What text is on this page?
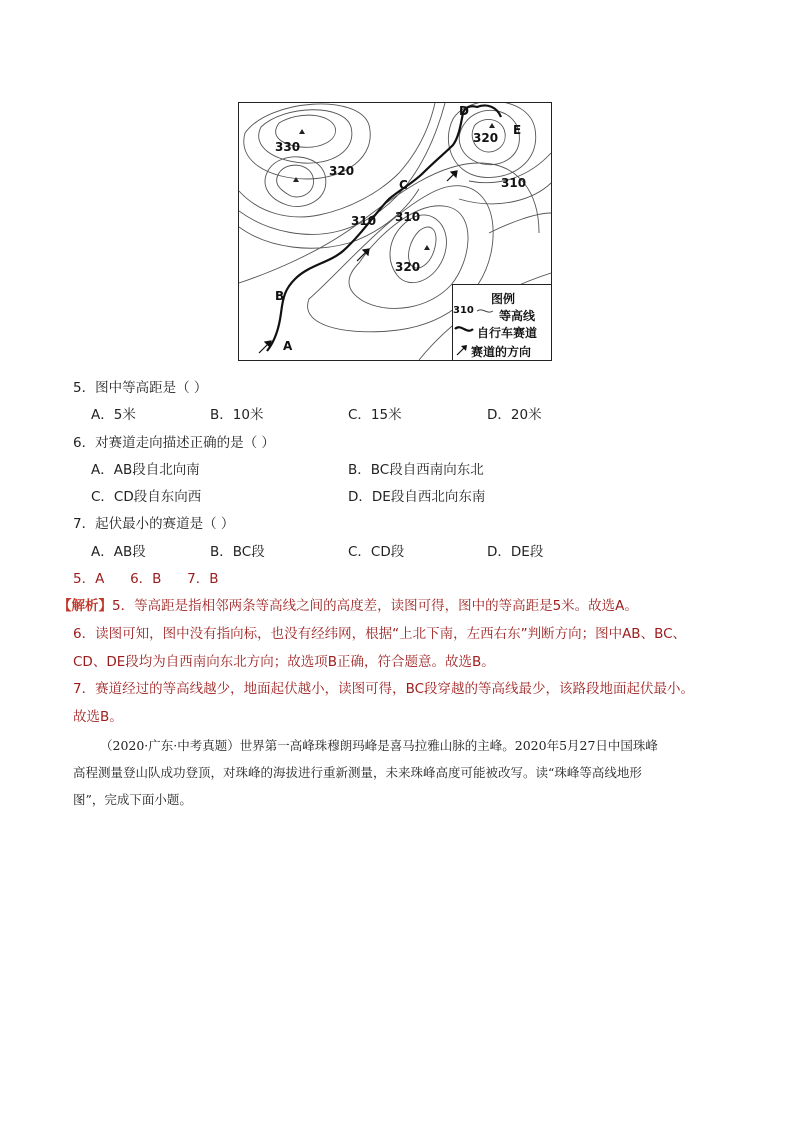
330
320
310 310
320
320
310
A
B
C
D
E
图例
310 等高线
自行车赛道
赛道的方向
5．图中等高距是（ ）
A．5米	B．10米	C．15米	D．20米
6．对赛道走向描述正确的是（ ）
A．AB段自北向南	B．BC段自西南向东北
C．CD段自东向西	D．DE段自西北向东南
7．起伏最小的赛道是（ ）
A．AB段	B．BC段	C．CD段	D．DE段
5．A      6．B      7．B
【解析】5．等高距是指相邻两条等高线之间的高度差，读图可得，图中的等高距是5米。故选A。
6．读图可知，图中没有指向标，也没有经纬网，根据“上北下南，左西右东”判断方向；图中AB、BC、
CD、DE段均为自西南向东北方向；故选项B正确，符合题意。故选B。
7．赛道经过的等高线越少，地面起伏越小，读图可得，BC段穿越的等高线最少，该路段地面起伏最小。
故选B。
（2020·广东·中考真题）世界第一高峰珠穆朗玛峰是喜马拉雅山脉的主峰。2020年5月27日中国珠峰
高程测量登山队成功登顶，对珠峰的海拔进行重新测量，未来珠峰高度可能被改写。读“珠峰等高线地形
图”，完成下面小题。
